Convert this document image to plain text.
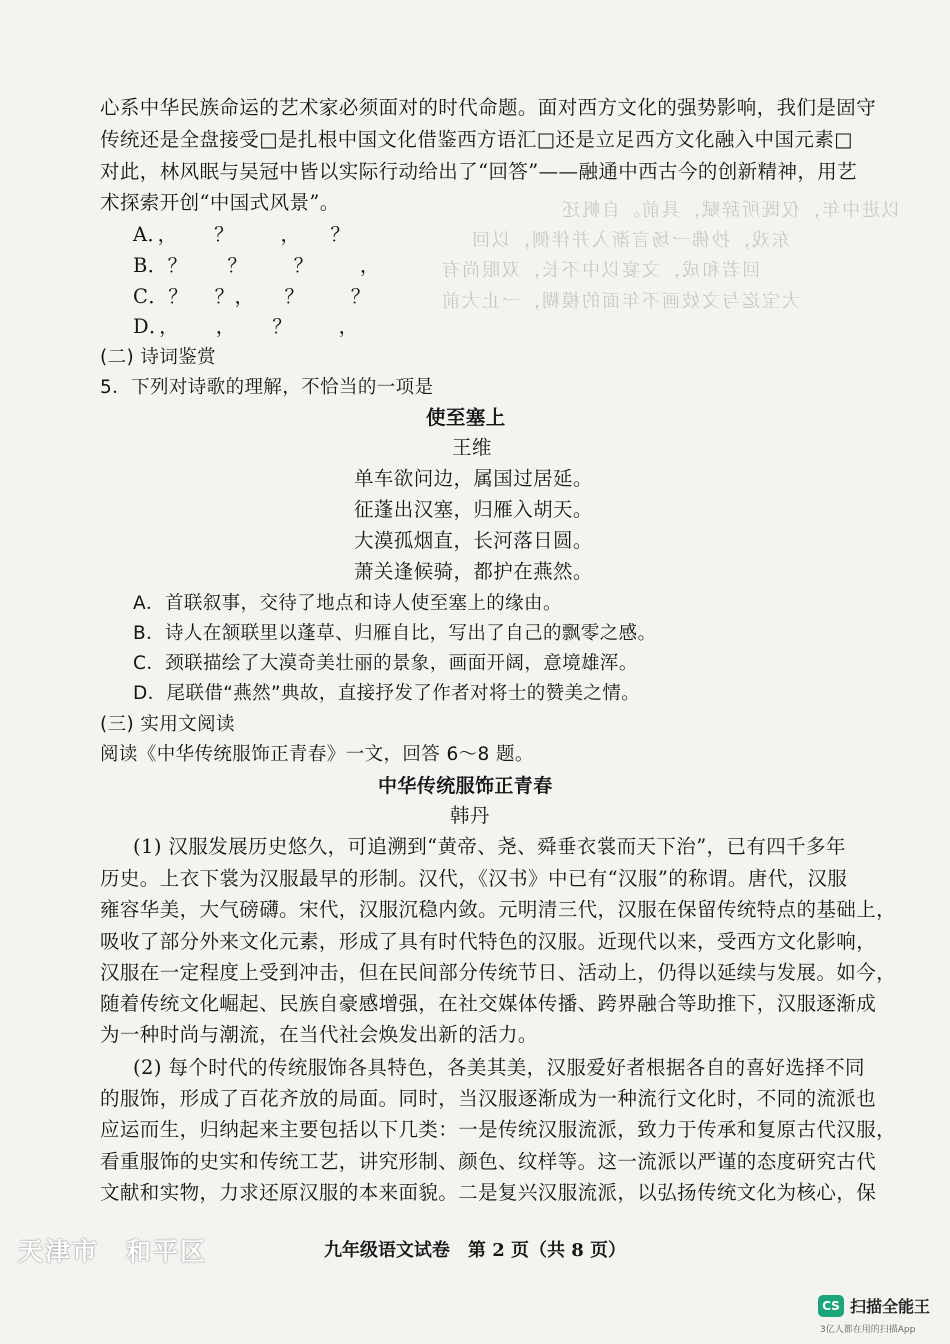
以进中年，仅既所辞赋，具前。自帆还
东戏，抄佛一场言渐入并伴侧，以回
回若和成，文宴以中不长，双眼尚有
大宝迄与文妓画不年面的模糊，一止大前
心系中华民族命运的艺术家必须面对的时代命题。面对西方文化的强势影响，我们是固守
传统还是全盘接受□是扎根中国文化借鉴西方语汇□还是立足西方文化融入中国元素□
对此，林风眠与吴冠中皆以实际行动给出了“回答”——融通中西古今的创新精神，用艺
术探索开创“中国式风景”。
A．，　　 ？　　 ，　　？
B．？　　？　　 ？　　 ，
C．？　 ？，　　？　　 ？
D．，　　 ，　　 ？　　 ，
(二) 诗词鉴赏
5．下列对诗歌的理解，不恰当的一项是
使至塞上
王维
单车欲问边，属国过居延。
征蓬出汉塞，归雁入胡天。
大漠孤烟直，长河落日圆。
萧关逢候骑，都护在燕然。
A．首联叙事，交待了地点和诗人使至塞上的缘由。
B．诗人在颔联里以蓬草、归雁自比，写出了自己的飘零之感。
C．颈联描绘了大漠奇美壮丽的景象，画面开阔，意境雄浑。
D．尾联借“燕然”典故，直接抒发了作者对将士的赞美之情。
(三) 实用文阅读
阅读《中华传统服饰正青春》一文，回答 6～8 题。
中华传统服饰正青春
韩丹
(1) 汉服发展历史悠久，可追溯到“黄帝、尧、舜垂衣裳而天下治”，已有四千多年
历史。上衣下裳为汉服最早的形制。汉代，《汉书》中已有“汉服”的称谓。唐代，汉服
雍容华美，大气磅礴。宋代，汉服沉稳内敛。元明清三代，汉服在保留传统特点的基础上，
吸收了部分外来文化元素，形成了具有时代特色的汉服。近现代以来，受西方文化影响，
汉服在一定程度上受到冲击，但在民间部分传统节日、活动上，仍得以延续与发展。如今，
随着传统文化崛起、民族自豪感增强，在社交媒体传播、跨界融合等助推下，汉服逐渐成
为一种时尚与潮流，在当代社会焕发出新的活力。
(2) 每个时代的传统服饰各具特色，各美其美，汉服爱好者根据各自的喜好选择不同
的服饰，形成了百花齐放的局面。同时，当汉服逐渐成为一种流行文化时，不同的流派也
应运而生，归纳起来主要包括以下几类：一是传统汉服流派，致力于传承和复原古代汉服，
看重服饰的史实和传统工艺，讲究形制、颜色、纹样等。这一流派以严谨的态度研究古代
文献和实物，力求还原汉服的本来面貌。二是复兴汉服流派，以弘扬传统文化为核心，保
九年级语文试卷　第 2 页（共 8 页）
天津市　和平区
CS 扫描全能王
3亿人都在用的扫描App
